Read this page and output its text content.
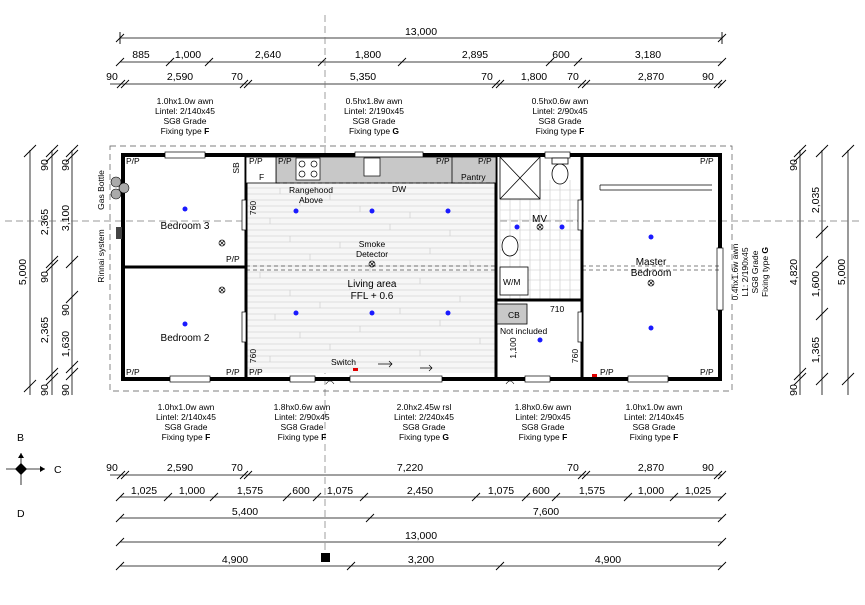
13,000
885 1,000	2,640	1,800	2,895	600	3,180
90	2,590	70	5,350	70	1,800 70	2,870	90
1.0hx1.0w awn
Lintel: 2/140x45
SG8 Grade
Fixing type F
0.5hx1.8w awn
Lintel: 2/190x45
SG8 Grade
Fixing type G
0.5hx0.6w awn
Lintel: 2/90x45
SG8 Grade
Fixing type F
1.0hx1.0w awn
Lintel: 2/140x45
SG8 Grade
Fixing type F
1.8hx0.6w awn
Lintel: 2/90x45
SG8 Grade
Fixing type F
2.0hx2.45w rsl
Lintel: 2/240x45
SG8 Grade
Fixing type G
1.8hx0.6w awn
Lintel: 2/90x45
SG8 Grade
Fixing type F
1.0hx1.0w awn
Lintel: 2/140x45
SG8 Grade
Fixing type F
0.4hx1.6w awn L1: 2/190x45 SG8 Grade Fixing type G
90	2,590	70	7,220	70	2,870	90
1,025 1,000	1,575	600 1,075	2,450	1,075 600	1,575	1,000 1,025
5,400	7,600
13,000
4,900	3,200	4,900
5,000
2,365
90
2,365
90
90
90
3,100
90
1,630
90
90
4,820
90
2,035
1,600
1,365
5,000
Gas Bottle
Rinnai system
P/P	P/P P/P	P/P	P/P	P/P
P/P
P/P	P/P P/P	P/P	P/P
SB
F	Pantry
DW
Rangehood
Above
760
760	760
Smoke
Detector
Switch
MV
W/M
CB
Not included
710
1,100
Bedroom 3
Bedroom 2
Living area
FFL + 0.6
Master
Bedroom
B
C
D
